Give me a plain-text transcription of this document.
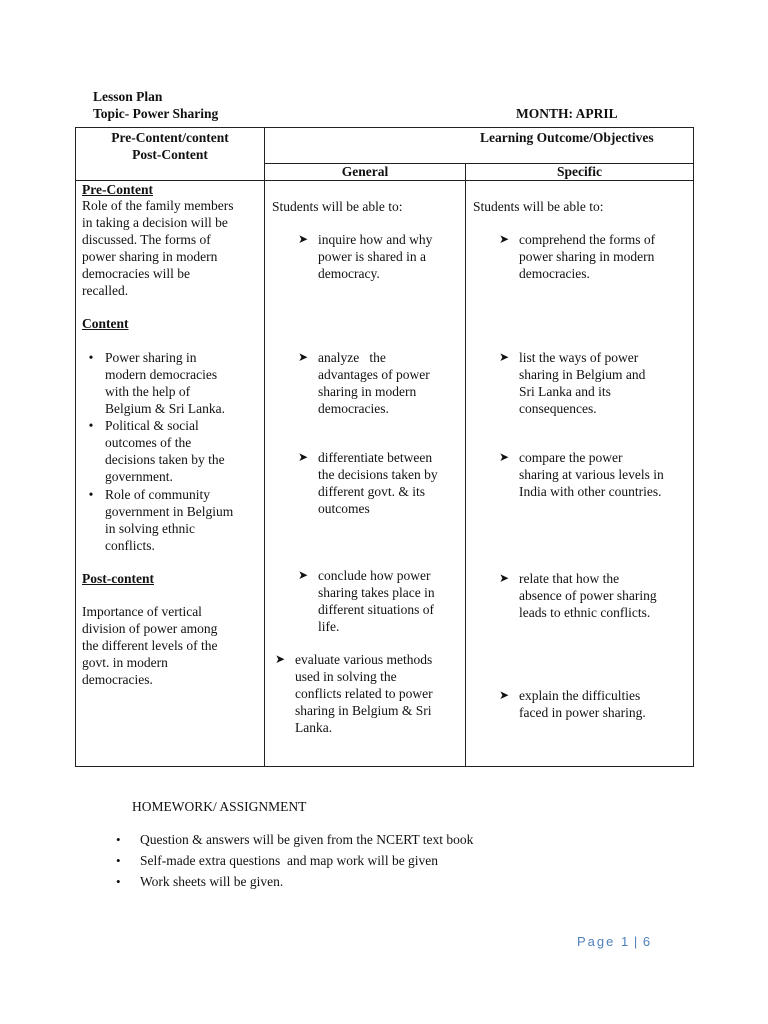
Lesson Plan
Topic- Power Sharing	MONTH: APRIL

Pre-Content/content

Post-Content

Learning Outcome/Objectives
General	Specific
Pre-Content

Role of the family members

in taking a decision will be

discussed. The forms of

power sharing in modern

democracies will be

recalled.

Content
• Power sharing in

modern democracies

with the help of

Belgium & Sri Lanka.

• Political & social

outcomes of the

decisions taken by the

government.

• Role of community

government in Belgium

in solving ethnic

conflicts.

Post-content

Importance of vertical

division of power among

the different levels of the

govt. in modern

democracies.

Students will be able to:
➤ inquire how and why

power is shared in a

democracy.

➤ analyze   the

advantages of power

sharing in modern

democracies.

➤ differentiate between

the decisions taken by

different govt. & its

outcomes

➤ conclude how power

sharing takes place in

different situations of

life.

➤ evaluate various methods

used in solving the

conflicts related to power

sharing in Belgium & Sri

Lanka.

Students will be able to:
➤ comprehend the forms of

power sharing in modern

democracies.

➤ list the ways of power

sharing in Belgium and

Sri Lanka and its

consequences.

➤ compare the power

sharing at various levels in

India with other countries.

➤ relate that how the

absence of power sharing

leads to ethnic conflicts.

➤ explain the difficulties

faced in power sharing.

HOMEWORK/ ASSIGNMENT
• Question & answers will be given from the NCERT text book
• Self-made extra questions  and map work will be given
• Work sheets will be given.
Page 1 | 6
